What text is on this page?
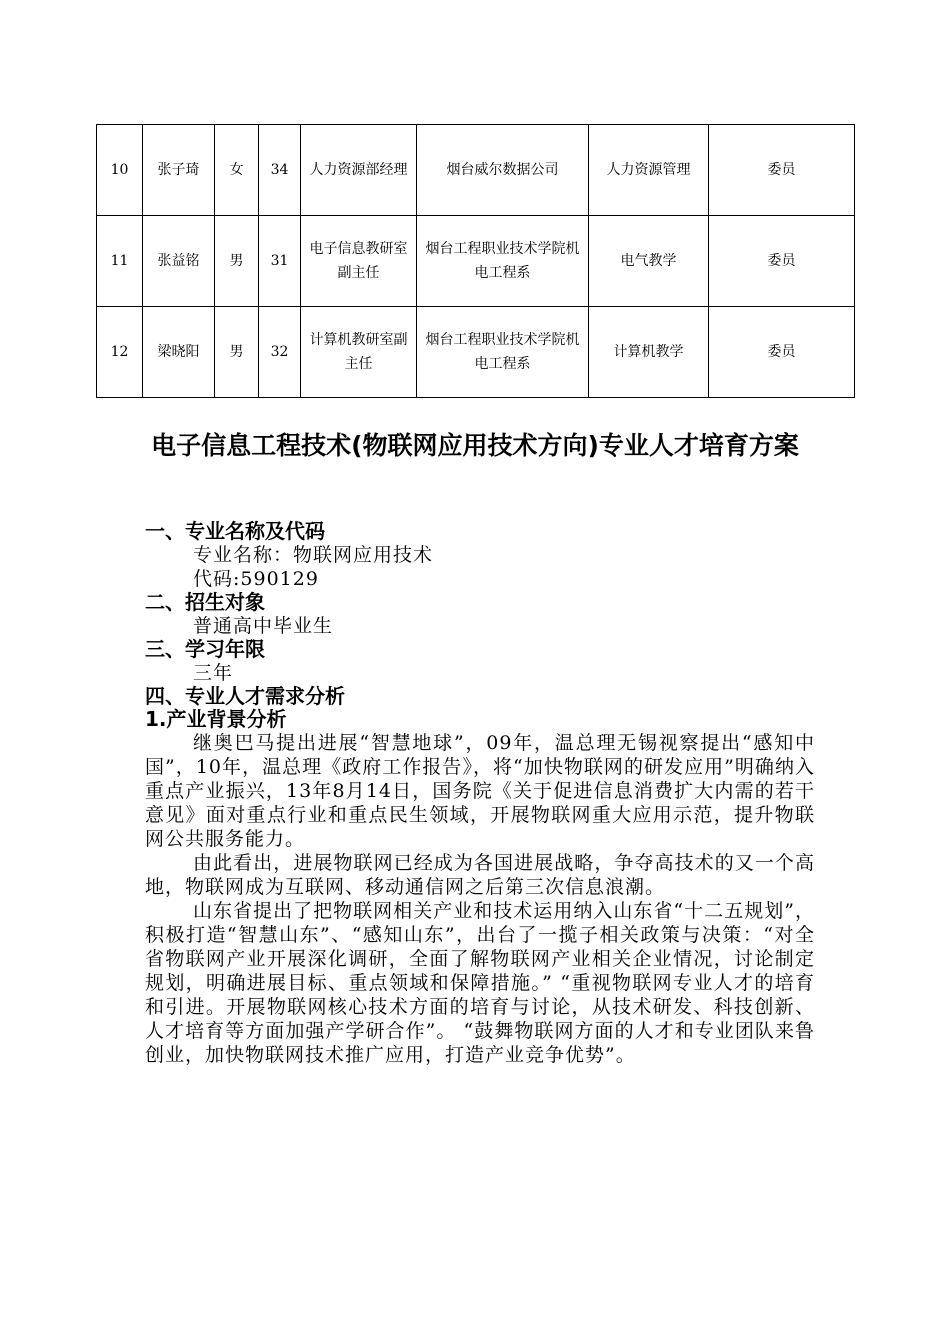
10	张子琦	女	34	人力资源部经理	烟台威尔数据公司	人力资源管理	委员
11	张益铭	男	31	电子信息教研室副主任	烟台工程职业技术学院机电工程系	电气教学	委员
12	梁晓阳	男	32	计算机教研室副主任	烟台工程职业技术学院机电工程系	计算机教学	委员
电子信息工程技术(物联网应用技术方向)专业人才培育方案

一、专业名称及代码

专业名称：物联网应用技术

代码:590129

二、招生对象

普通高中毕业生

三、学习年限

三年

四、专业人才需求分析

1.产业背景分析

继奥巴马提出进展“智慧地球”，09年，温总理无锡视察提出“感知中国”，10年，温总理《政府工作报告》，将“加快物联网的研发应用”明确纳入重点产业振兴，13年8月14日，国务院《关于促进信息消费扩大内需的若干意见》面对重点行业和重点民生领域，开展物联网重大应用示范，提升物联网公共服务能力。

由此看出，进展物联网已经成为各国进展战略，争夺高技术的又一个高地，物联网成为互联网、移动通信网之后第三次信息浪潮。

山东省提出了把物联网相关产业和技术运用纳入山东省“十二五规划”，积极打造“智慧山东”、“感知山东”，出台了一揽子相关政策与决策：“对全省物联网产业开展深化调研，全面了解物联网产业相关企业情况，讨论制定规划，明确进展目标、重点领域和保障措施。” “重视物联网专业人才的培育和引进。开展物联网核心技术方面的培育与讨论，从技术研发、科技创新、人才培育等方面加强产学研合作”。 “鼓舞物联网方面的人才和专业团队来鲁创业，加快物联网技术推广应用，打造产业竞争优势”。
